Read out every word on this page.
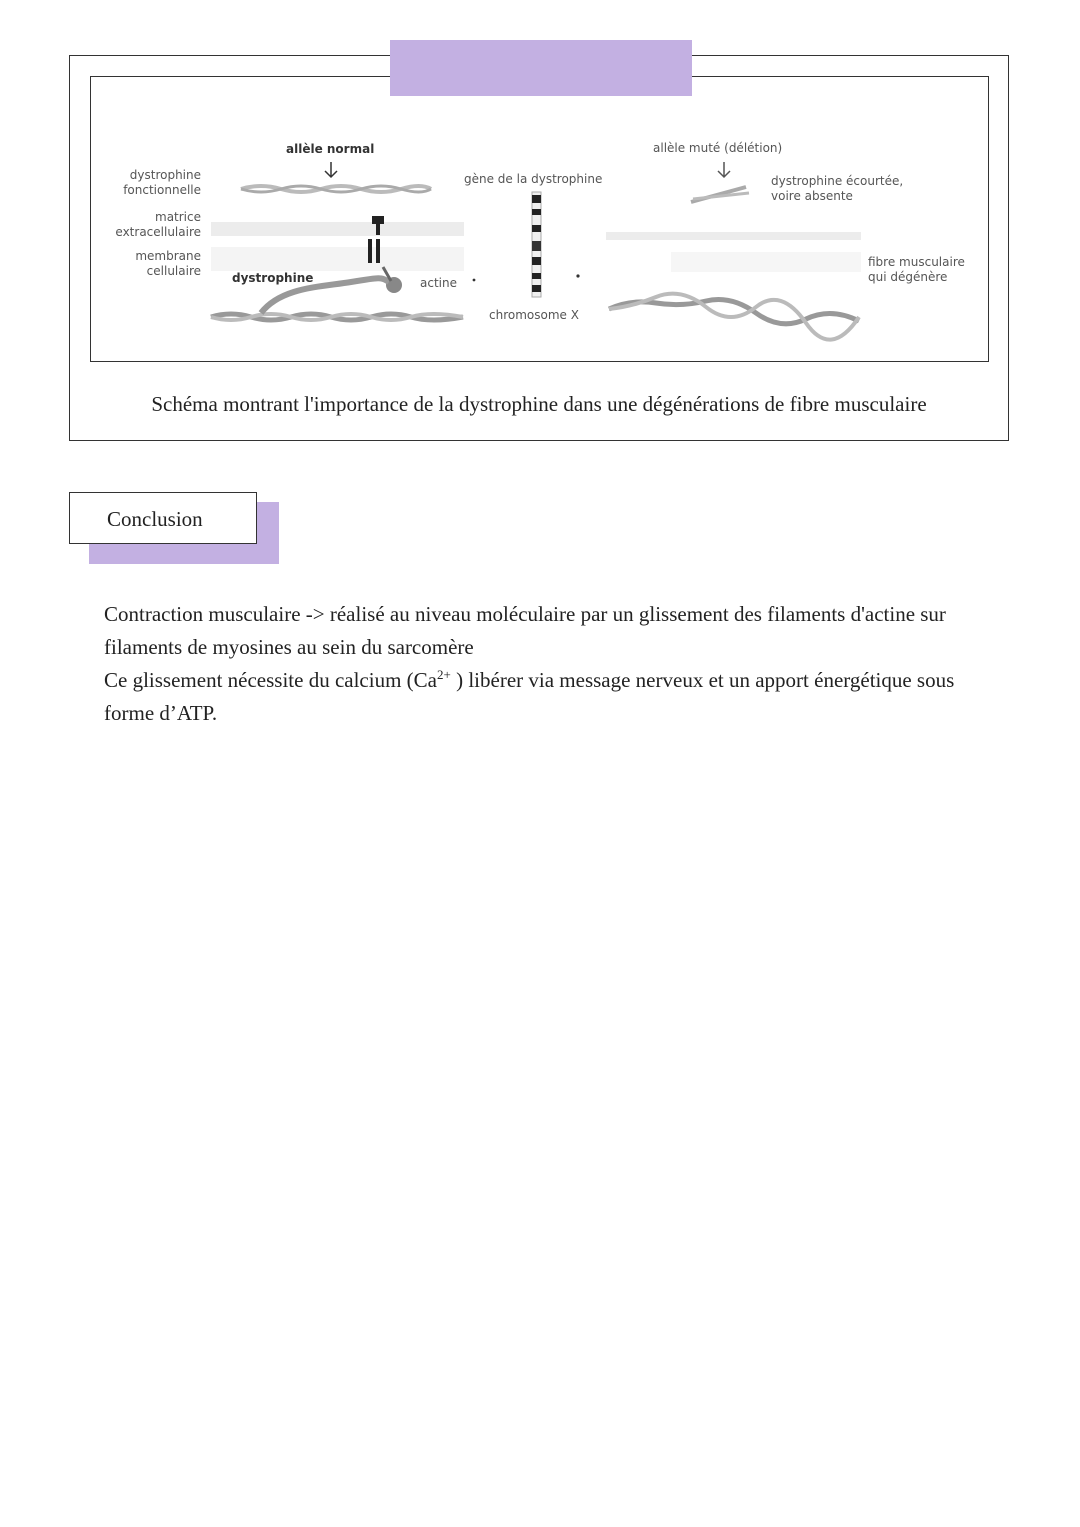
allèle normal	allèle muté (délétion)
dystrophine fonctionnelle
matrice extracellulaire
membrane cellulaire	dystrophine	actine
gène de la dystrophine
chromosome X
dystrophine écourtée, voire absente
fibre musculaire qui dégénère
Schéma montrant l'importance de la dystrophine dans une dégénérations de fibre musculaire
Conclusion

Contraction musculaire -> réalisé au niveau moléculaire par un glissement des filaments d'actine sur filaments de myosines au sein du sarcomère

Ce glissement nécessite du calcium ($Ca^{2+}$ ) libérer via message nerveux et un apport énergétique sous forme d’ATP.
